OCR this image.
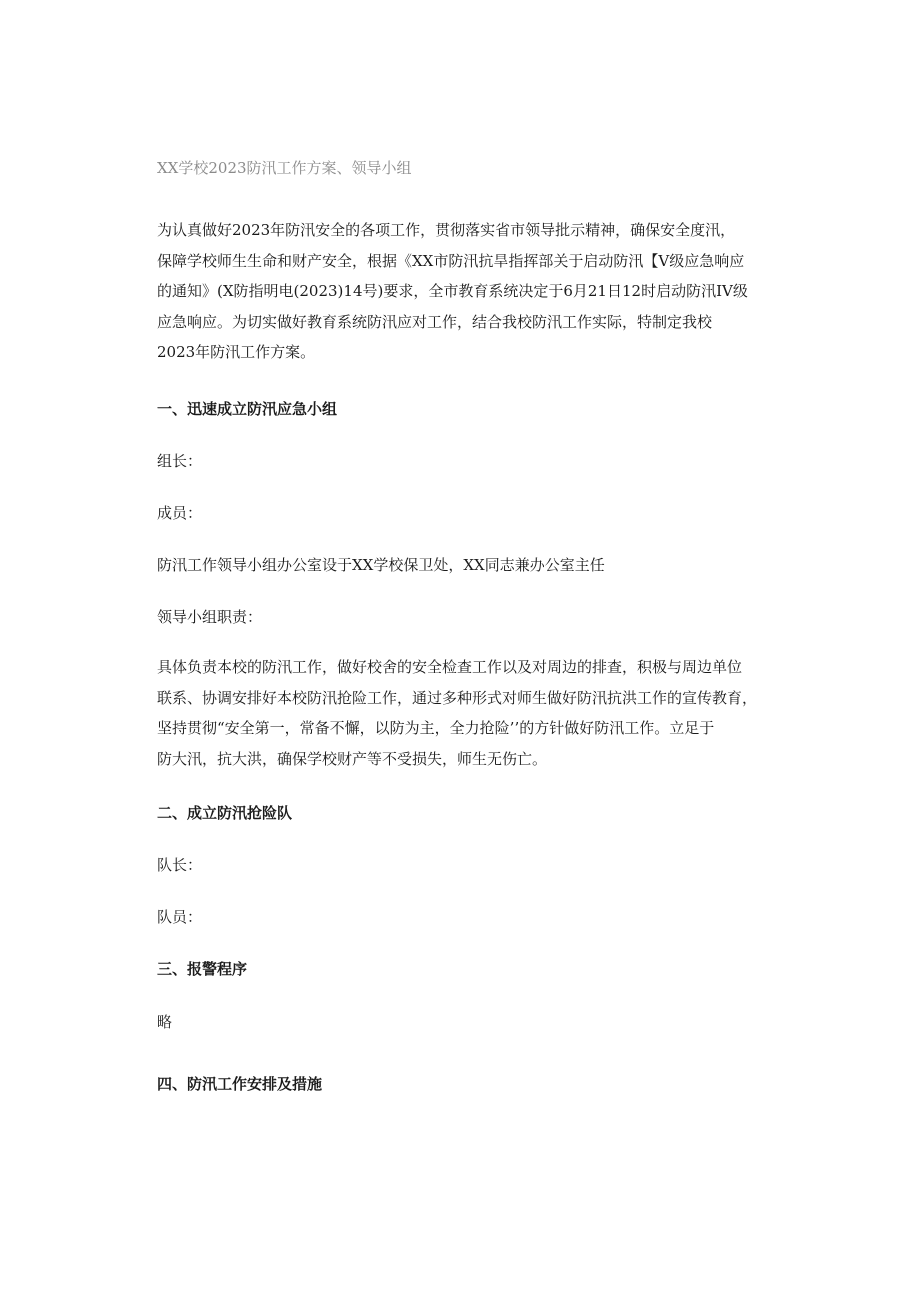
XX学校2023防汛工作方案、领导小组
为认真做好2023年防汛安全的各项工作，贯彻落实省市领导批示精神，确保安全度汛，
保障学校师生生命和财产安全，根据《XX市防汛抗旱指挥部关于启动防汛【V级应急响应
的通知》(X防指明电(2023)14号)要求，全市教育系统决定于6月21日12时启动防汛IV级
应急响应。为切实做好教育系统防汛应对工作，结合我校防汛工作实际，特制定我校
2023年防汛工作方案。
一、迅速成立防汛应急小组
组长：
成员：
防汛工作领导小组办公室设于XX学校保卫处，XX同志兼办公室主任
领导小组职责：
具体负责本校的防汛工作，做好校舍的安全检查工作以及对周边的排查，积极与周边单位
联系、协调安排好本校防汛抢险工作，通过多种形式对师生做好防汛抗洪工作的宣传教育，
坚持贯彻“安全第一，常备不懈，以防为主，全力抢险’’的方针做好防汛工作。立足于
防大汛，抗大洪，确保学校财产等不受损失，师生无伤亡。
二、成立防汛抢险队
队长：
队员：
三、报警程序
略
四、防汛工作安排及措施
